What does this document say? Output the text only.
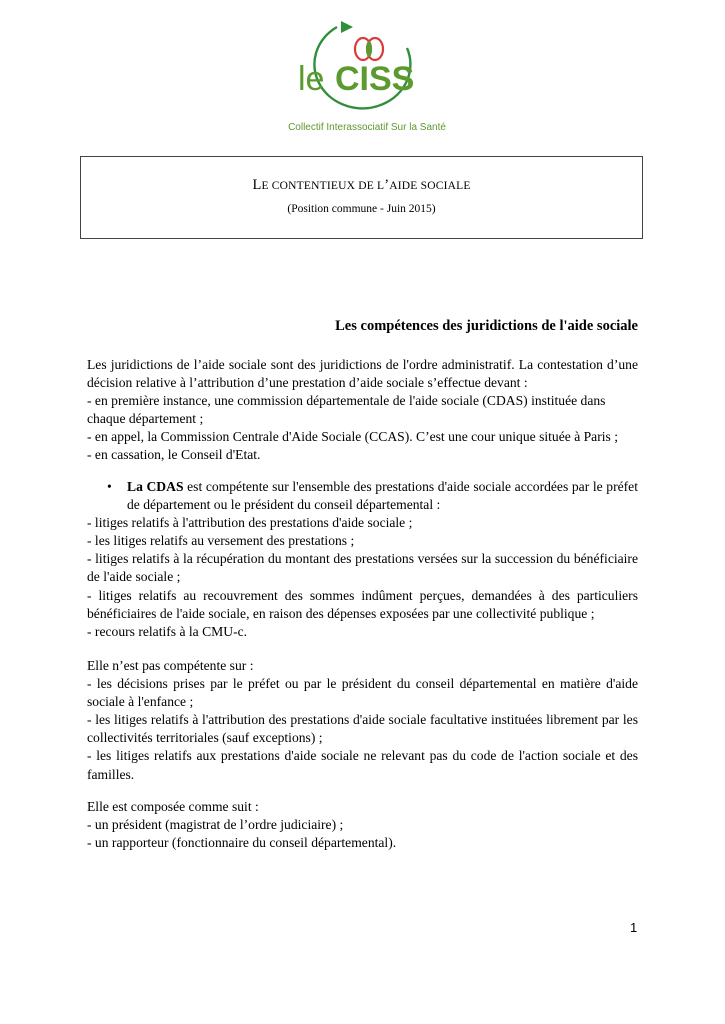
le CISS
Collectif Interassociatif Sur la Santé
LE CONTENTIEUX DE L’AIDE SOCIALE
(Position commune - Juin 2015)
Les compétences des juridictions de l'aide sociale

Les juridictions de l’aide sociale sont des juridictions de l'ordre administratif. La contestation d’une décision relative à l’attribution d’une prestation d’aide sociale s’effectue devant :

- en première instance, une commission départementale de l'aide sociale (CDAS) instituée dans chaque département ;

- en appel, la Commission Centrale d'Aide Sociale (CCAS). C’est une cour unique située à Paris ;

- en cassation, le Conseil d'Etat.

•	La CDAS est compétente sur l'ensemble des prestations d'aide sociale accordées par le préfet de département ou le président du conseil départemental :

- litiges relatifs à l'attribution des prestations d'aide sociale ;

- les litiges relatifs au versement des prestations ;

- litiges relatifs à la récupération du montant des prestations versées sur la succession du bénéficiaire de l'aide sociale ;

- litiges relatifs au recouvrement des sommes indûment perçues, demandées à des particuliers bénéficiaires de l'aide sociale, en raison des dépenses exposées par une collectivité publique ;

- recours relatifs à la CMU-c.

Elle n’est pas compétente sur :

- les décisions prises par le préfet ou par le président du conseil départemental en matière d'aide sociale à l'enfance ;

- les litiges relatifs à l'attribution des prestations d'aide sociale facultative instituées librement par les collectivités territoriales (sauf exceptions) ;

- les litiges relatifs aux prestations d'aide sociale ne relevant pas du code de l'action sociale et des familles.

Elle est composée comme suit :

- un président (magistrat de l’ordre judiciaire) ;

- un rapporteur (fonctionnaire du conseil départemental).

1
